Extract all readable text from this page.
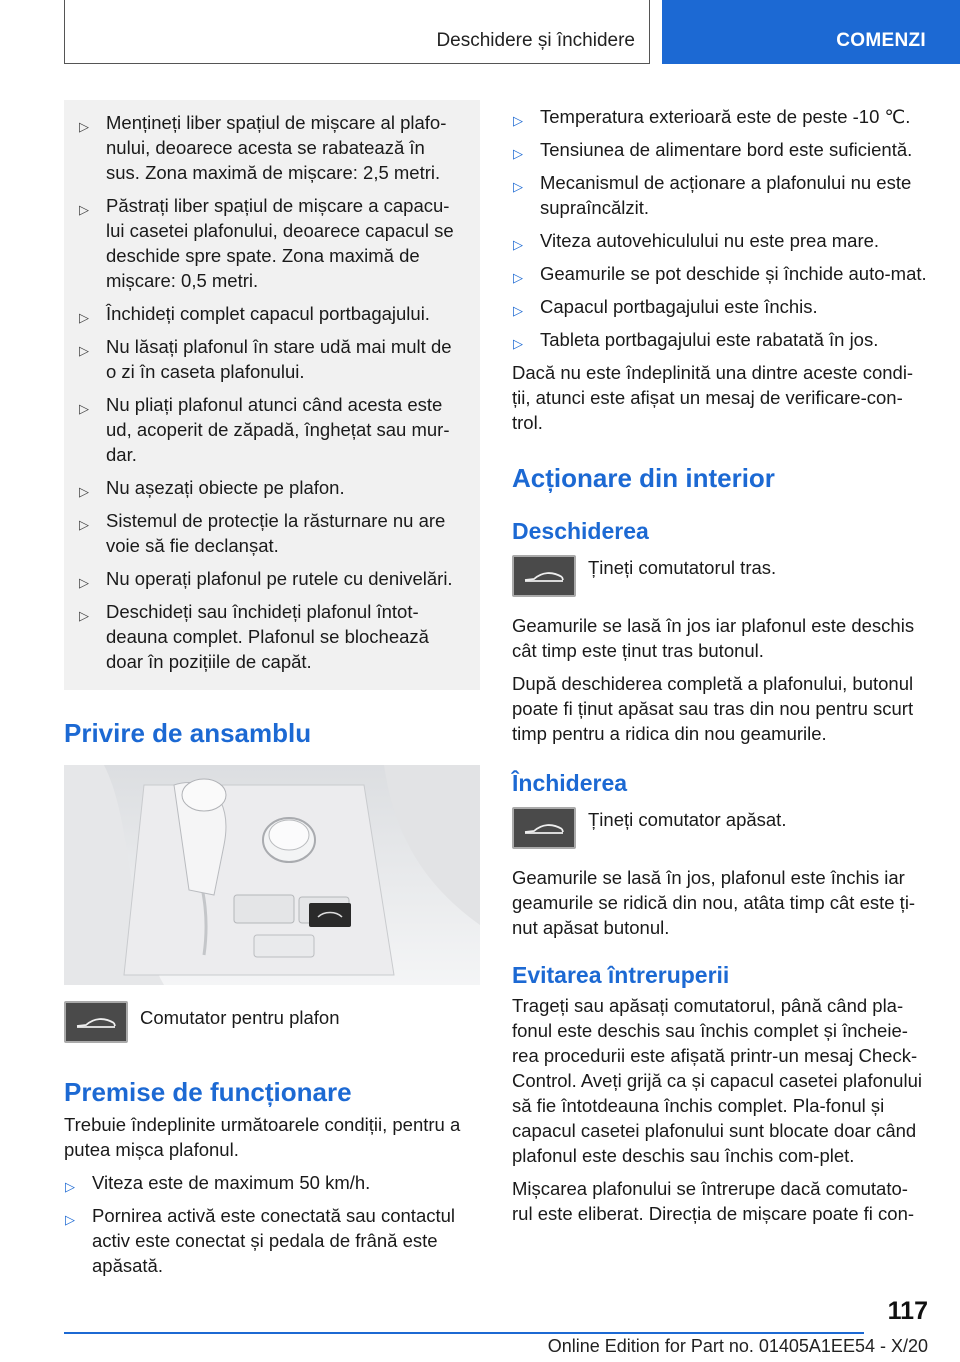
Deschidere și închidere	COMENZI
▷ Mențineți liber spațiul de mișcare al plafo-nului, deoarece acesta se rabatează în sus. Zona maximă de mișcare: 2,5 metri.
▷ Păstrați liber spațiul de mișcare a capacu-lui casetei plafonului, deoarece capacul se deschide spre spate. Zona maximă de mișcare: 0,5 metri.
▷ Închideți complet capacul portbagajului.
▷ Nu lăsați plafonul în stare udă mai mult de o zi în caseta plafonului.
▷ Nu pliați plafonul atunci când acesta este ud, acoperit de zăpadă, înghețat sau mur-dar.
▷ Nu așezați obiecte pe plafon.
▷ Sistemul de protecție la răsturnare nu are voie să fie declanșat.
▷ Nu operați plafonul pe rutele cu denivelări.
▷ Deschideți sau închideți plafonul întot-deauna complet. Plafonul se blochează doar în pozițiile de capăt.
Privire de ansamblu
Comutator pentru plafon
Premise de funcționare

Trebuie îndeplinite următoarele condiții, pentru a putea mișca plafonul.

▷ Viteza este de maximum 50 km/h.
▷ Pornirea activă este conectată sau contactul activ este conectat și pedala de frână este apăsată.
▷ Temperatura exterioară este de peste -10 ℃.
▷ Tensiunea de alimentare bord este suficientă.
▷ Mecanismul de acționare a plafonului nu este supraîncălzit.
▷ Viteza autovehiculului nu este prea mare.
▷ Geamurile se pot deschide și închide auto-mat.
▷ Capacul portbagajului este închis.
▷ Tableta portbagajului este rabatată în jos.

Dacă nu este îndeplinită una dintre aceste condi-ții, atunci este afișat un mesaj de verificare-con-trol.

Acționare din interior
Deschiderea
Țineți comutatorul tras.

Geamurile se lasă în jos iar plafonul este deschis cât timp este ținut tras butonul.

După deschiderea completă a plafonului, butonul poate fi ținut apăsat sau tras din nou pentru scurt timp pentru a ridica din nou geamurile.

Închiderea
Țineți comutator apăsat.

Geamurile se lasă în jos, plafonul este închis iar geamurile se ridică din nou, atâta timp cât este ți-nut apăsat butonul.

Evitarea întreruperii

Trageți sau apăsați comutatorul, până când pla-fonul este deschis sau închis complet și încheie-rea procedurii este afișată printr-un mesaj Check-Control. Aveți grijă ca și capacul casetei plafonului să fie întotdeauna închis complet. Pla-fonul și capacul casetei plafonului sunt blocate doar când plafonul este deschis sau închis com-plet.

Mișcarea plafonului se întrerupe dacă comutato-rul este eliberat. Direcția de mișcare poate fi con-

117
Online Edition for Part no. 01405A1EE54 - X/20
